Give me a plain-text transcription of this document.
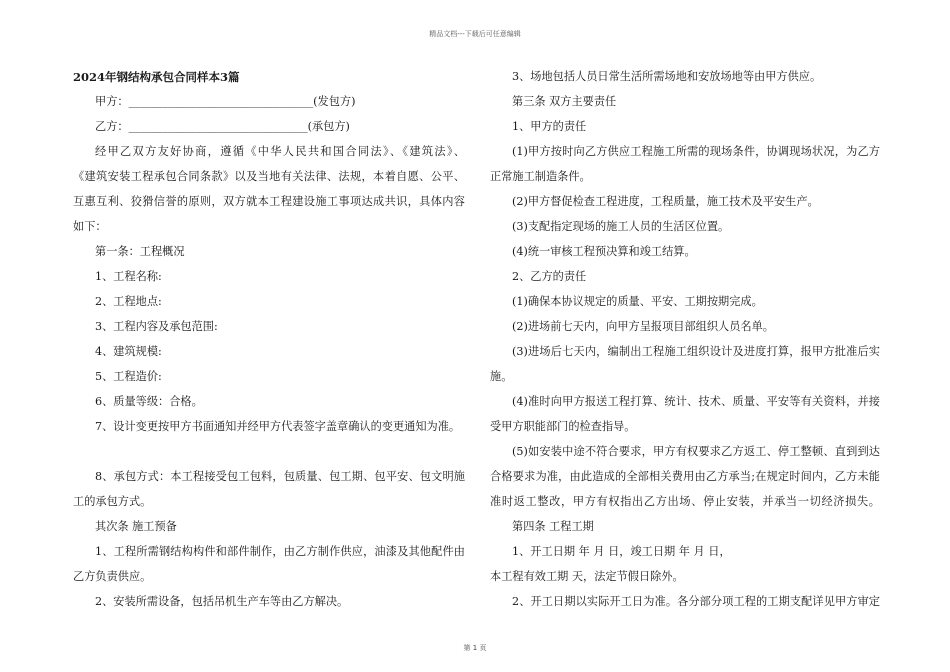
精品文档---下载后可任意编辑
2024年钢结构承包合同样本3篇
甲方：_________________________________(发包方)
乙方：________________________________(承包方)
经甲乙双方友好协商，遵循《中华人民共和国合同法》、《建筑法》、
《建筑安装工程承包合同条款》以及当地有关法律、法规，本着自愿、公平、
互惠互利、狡猾信誉的原则，双方就本工程建设施工事项达成共识，具体内容
如下：
第一条：工程概况
1、工程名称:
2、工程地点:
3、工程内容及承包范围:
4、建筑规模:
5、工程造价:
6、质量等级：合格。
7、设计变更按甲方书面通知并经甲方代表签字盖章确认的变更通知为准。
8、承包方式：本工程接受包工包料，包质量、包工期、包平安、包文明施
工的承包方式。
其次条 施工预备
1、工程所需钢结构构件和部件制作，由乙方制作供应，油漆及其他配件由
乙方负责供应。
2、安装所需设备，包括吊机生产车等由乙方解决。
3、场地包括人员日常生活所需场地和安放场地等由甲方供应。
第三条 双方主要责任
1、甲方的责任
(1)甲方按时向乙方供应工程施工所需的现场条件，协调现场状况，为乙方
正常施工制造条件。
(2)甲方督促检查工程进度，工程质量，施工技术及平安生产。
(3)支配指定现场的施工人员的生活区位置。
(4)统一审核工程预决算和竣工结算。
2、乙方的责任
(1)确保本协议规定的质量、平安、工期按期完成。
(2)进场前七天内，向甲方呈报项目部组织人员名单。
(3)进场后七天内，编制出工程施工组织设计及进度打算，报甲方批准后实
施。
(4)准时向甲方报送工程打算、统计、技术、质量、平安等有关资料，并接
受甲方职能部门的检查指导。
(5)如安装中途不符合要求，甲方有权要求乙方返工、停工整顿、直到到达
合格要求为准，由此造成的全部相关费用由乙方承当;在规定时间内，乙方未能
准时返工整改，甲方有权指出乙方出场、停止安装，并承当一切经济损失。
第四条 工程工期
1、开工日期 年 月 日，竣工日期 年 月 日，
本工程有效工期 天，法定节假日除外。
2、开工日期以实际开工日为准。各分部分项工程的工期支配详见甲方审定
第 1 页
